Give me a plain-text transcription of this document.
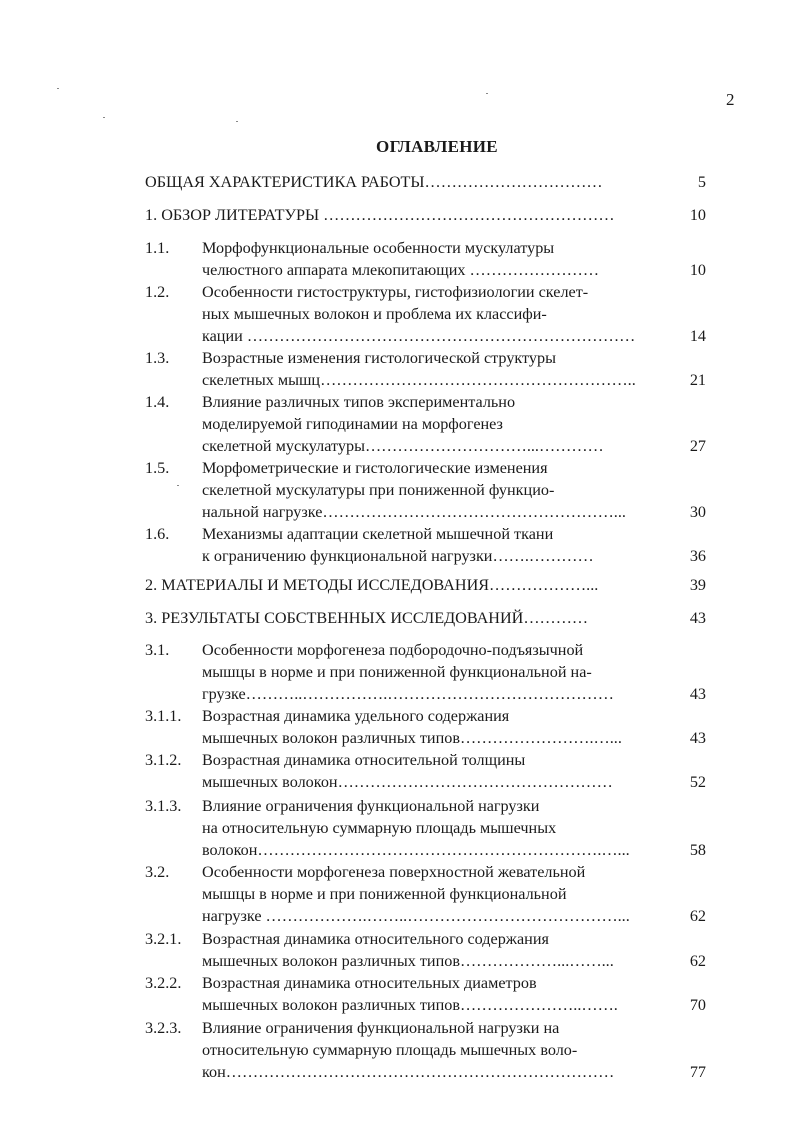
2
ОГЛАВЛЕНИЕ
ОБЩАЯ ХАРАКТЕРИСТИКА РАБОТЫ……………………………	5
1. ОБЗОР ЛИТЕРАТУРЫ ………………………………………………	10
1.1. Морфофункциональные особенности мускулатуры
челюстного аппарата млекопитающих ……………………	10
1.2. Особенности гистоструктуры, гистофизиологии скелет-
ных мышечных волокон и проблема их классифи-
кации ………………………………………………………………	14
1.3. Возрастные изменения гистологической структуры
скелетных мышц…………………………………………………..	21
1.4. Влияние различных типов экспериментально
моделируемой гиподинамии на морфогенез
скелетной мускулатуры…………………………...…………	27
1.5. Морфометрические и гистологические изменения
скелетной мускулатуры при пониженной функцио-
нальной нагрузке………………………………………………...	30
1.6. Механизмы адаптации скелетной мышечной ткани
к ограничению функциональной нагрузки…….…………	36
2. МАТЕРИАЛЫ И МЕТОДЫ ИССЛЕДОВАНИЯ………………...	39
3. РЕЗУЛЬТАТЫ СОБСТВЕННЫХ ИССЛЕДОВАНИЙ…………	43
3.1. Особенности морфогенеза подбородочно-подъязычной
мышцы в норме и при пониженной функциональной на-
грузке………..…………….……………………………………	43
3.1.1. Возрастная динамика удельного содержания
мышечных волокон различных типов…………………….…...	43
3.1.2. Возрастная динамика относительной толщины
мышечных волокон……………………………………………	52
3.1.3. Влияние ограничения функциональной нагрузки
на относительную суммарную площадь мышечных
волокон……………………………………………………….…...	58
3.2. Особенности морфогенеза поверхностной жевательной
мышцы в норме и при пониженной функциональной
нагрузке ……………….……..…………………………………...	62
3.2.1. Возрастная динамика относительного содержания
мышечных волокон различных типов………………...……...	62
3.2.2. Возрастная динамика относительных диаметров
мышечных волокон различных типов…………………..…….	70
3.2.3. Влияние ограничения функциональной нагрузки на
относительную суммарную площадь мышечных воло-
кон………………………………………………………………	77
